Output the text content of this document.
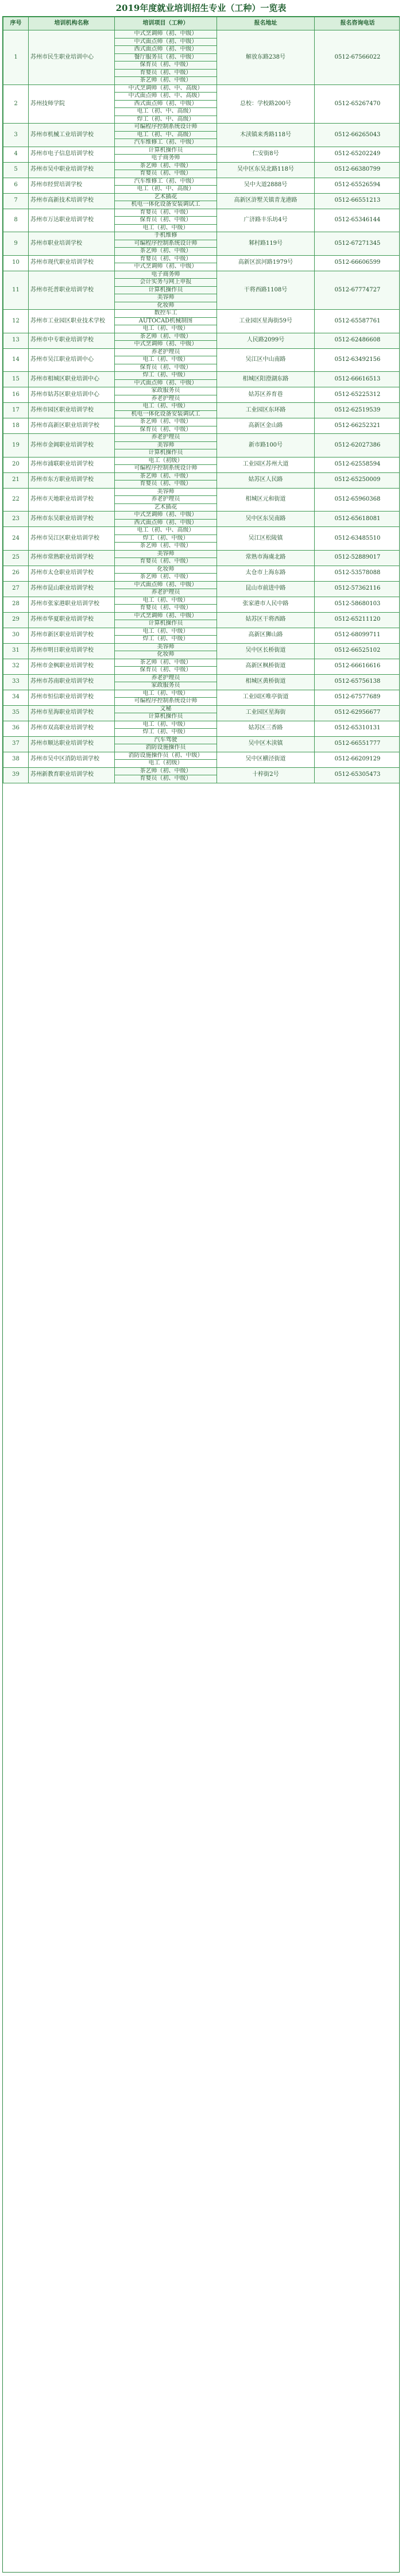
2019年度就业培训招生专业（工种）一览表
序号	培训机构名称	培训项目（工种）	报名地址	报名咨询电话
1	苏州市民生职业培训中心	中式烹调师（初、中级）	解放东路238号	0512-67566022
		中式面点师（初、中级）		
		西式面点师（初、中级）		
		餐厅服务员（初、中级）		
		保育员（初、中级）		
		育婴员（初、中级）		
		茶艺师（初、中级）		
2	苏州技师学院	中式烹调师（初、中、高级）	总校：学校路200号	0512-65267470
		中式面点师（初、中、高级）		
		西式面点师（初、中级）		
		电工（初、中、高级）		
		焊工（初、中、高级）		
3	苏州市机械工业培训学校	可编程序控制系统设计师	木渎镇来秀路118号	0512-66265043
		电工（初、中、高级）		
		汽车维修工（初、中级）		
4	苏州市电子信息培训学校	计算机操作员	仁安街8号	0512-65202249
		电子商务师		
5	苏州市吴中职业培训学校	茶艺师（初、中级）	吴中区东吴北路118号	0512-66380799
		育婴员（初、中级）		
6	苏州市经贸培训学校	汽车维修工（初、中级）	吴中大道2888号	0512-65526594
		电工（初、中、高级）		
7	苏州市高新技术培训学校	艺术插花	高新区浒墅关镇青龙港路	0512-66551213
		机电一体化设备安装调试工		
8	苏州市万达职业培训学校	育婴员（初、中级）	广济路丰乐坊4号	0512-65346144
		保育员（初、中级）		
		电工（初、中级）		
9	苏州市职业培训学校	手机维修	邾村路119号	0512-67271345
		可编程序控制系统设计师		
		茶艺师（初、中级）		
10	苏州市现代职业培训学校	育婴员（初、中级）	高新区滨河路1979号	0512-66606599
		中式烹调师（初、中级）		
11	苏州市托普职业培训学校	电子商务师	干将西路1108号	0512-67774727
		会计实务与网上申报		
		计算机操作员		
		美容师		
		化妆师		
12	苏州市工业园区职业技术学校	数控车工	工业园区星海街59号	0512-65587761
		AUTOCAD机械制图		
		电工（初、中级）		
13	苏州市中专职业培训学校	茶艺师（初、中级）	人民路2099号	0512-62486608
		中式烹调师（初、中级）		
14	苏州市吴江职业培训中心	养老护理员	吴江区中山南路	0512-63492156
		电工（初、中级）		
		保育员（初、中级）		
15	苏州市相城区职业培训中心	焊工（初、中级）	相城区阳澄湖东路	0512-66616513
		中式面点师（初、中级）		
16	苏州市姑苏区职业培训中心	家政服务员	姑苏区养育巷	0512-65225312
		养老护理员		
17	苏州市园区职业培训学校	电工（初、中级）	工业园区东环路	0512-62519539
		机电一体化设备安装调试工		
18	苏州市高新区职业培训学校	茶艺师（初、中级）	高新区金山路	0512-66252321
		保育员（初、中级）		
19	苏州市金阊职业培训学校	养老护理员	新市路100号	0512-62027386
		美容师		
		计算机操作员		
20	苏州市浦联职业培训学校	电工（初级）	工业园区苏州大道	0512-62558594
		可编程序控制系统设计师		
21	苏州市东方职业培训学校	茶艺师（初、中级）	姑苏区人民路	0512-65250009
		育婴员（初、中级）		
22	苏州市天地职业培训学校	美容师	相城区元和街道	0512-65960368
		养老护理员		
		艺术插花		
23	苏州市东吴职业培训学校	中式烹调师（初、中级）	吴中区东吴南路	0512-65618081
		西式面点师（初、中级）		
24	苏州市吴江区职业培训学校	电工（初、中、高级）	吴江区松陵镇	0512-63485510
		焊工（初、中级）		
		茶艺师（初、中级）		
25	苏州市常熟职业培训学校	美容师	常熟市海虞北路	0512-52889017
		育婴员（初、中级）		
26	苏州市太仓职业培训学校	化妆师	太仓市上海东路	0512-53578088
		茶艺师（初、中级）		
27	苏州市昆山职业培训学校	中式面点师（初、中级）	昆山市前进中路	0512-57362116
		养老护理员		
28	苏州市张家港职业培训学校	电工（初、中级）	张家港市人民中路	0512-58680103
		育婴员（初、中级）		
29	苏州市华夏职业培训学校	中式烹调师（初、中级）	姑苏区干将西路	0512-65211120
		计算机操作员		
30	苏州市新区职业培训学校	电工（初、中级）	高新区狮山路	0512-68099711
		焊工（初、中级）		
31	苏州市明日职业培训学校	美容师	吴中区长桥街道	0512-66525102
		化妆师		
32	苏州市金枫职业培训学校	茶艺师（初、中级）	高新区枫桥街道	0512-66616616
		保育员（初、中级）		
33	苏州市苏南职业培训学校	养老护理员	相城区黄桥街道	0512-65756138
		家政服务员		
34	苏州市恒信职业培训学校	电工（初、中级）	工业园区唯亭街道	0512-67577689
		可编程序控制系统设计师		
35	苏州市星海职业培训学校	文秘	工业园区星海街	0512-62956677
		计算机操作员		
36	苏州市双高职业培训学校	电工（初、中级）	姑苏区三香路	0512-65310131
		焊工（初、中级）		
37	苏州市顺达职业培训学校	汽车驾驶	吴中区木渎镇	0512-66551777
		消防设施操作员		
38	苏州市吴中区消防培训学校	消防设施操作员（初、中级）	吴中区横泾街道	0512-66209129
		电工（初级）		
39	苏州新教育职业培训学校	茶艺师（初、中级）	十梓街2号	0512-65305473
		育婴员（初、中级）		
